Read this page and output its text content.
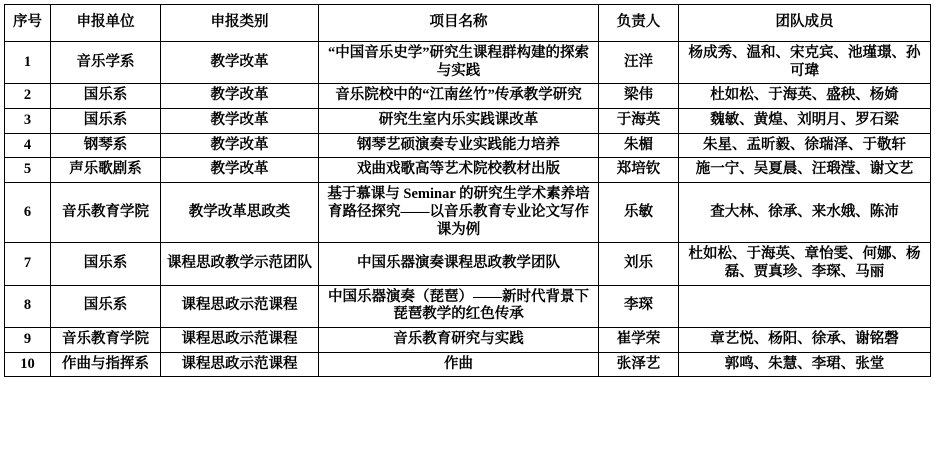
序号	申报单位	申报类别	项目名称	负责人	团队成员
1	音乐学系	教学改革	“中国音乐史学”研究生课程群构建的探索与实践	汪洋	杨成秀、温和、宋克宾、池瑾璟、孙可瑋
2	国乐系	教学改革	音乐院校中的“江南丝竹”传承教学研究	梁伟	杜如松、于海英、盛秧、杨婍
3	国乐系	教学改革	研究生室内乐实践课改革	于海英	魏敏、黄煌、刘明月、罗石梁
4	钢琴系	教学改革	钢琴艺硕演奏专业实践能力培养	朱楣	朱星、盂昕毅、徐瑞泽、于敬轩
5	声乐歌剧系	教学改革	戏曲戏歌高等艺术院校教材出版	郑培钦	施一宁、吴夏晨、汪瑖滢、谢文艺
6	音乐教育学院	教学改革思政类	基于慕课与 Seminar 的研究生学术素养培育路径探究——以音乐教育专业论文写作课为例	乐敏	查大林、徐承、来水娥、陈沛
7	国乐系	课程思政教学示范团队	中国乐器演奏课程思政教学团队	刘乐	杜如松、于海英、章怡雯、何娜、杨磊、贾真珍、李琛、马丽
8	国乐系	课程思政示范课程	中国乐器演奏（琵琶）——新时代背景下琵琶教学的红色传承	李琛	
9	音乐教育学院	课程思政示范课程	音乐教育研究与实践	崔学荣	章艺悦、杨阳、徐承、谢铭磬
10	作曲与指挥系	课程思政示范课程	作曲	张泽艺	郭鸣、朱慧、李珺、张堂
